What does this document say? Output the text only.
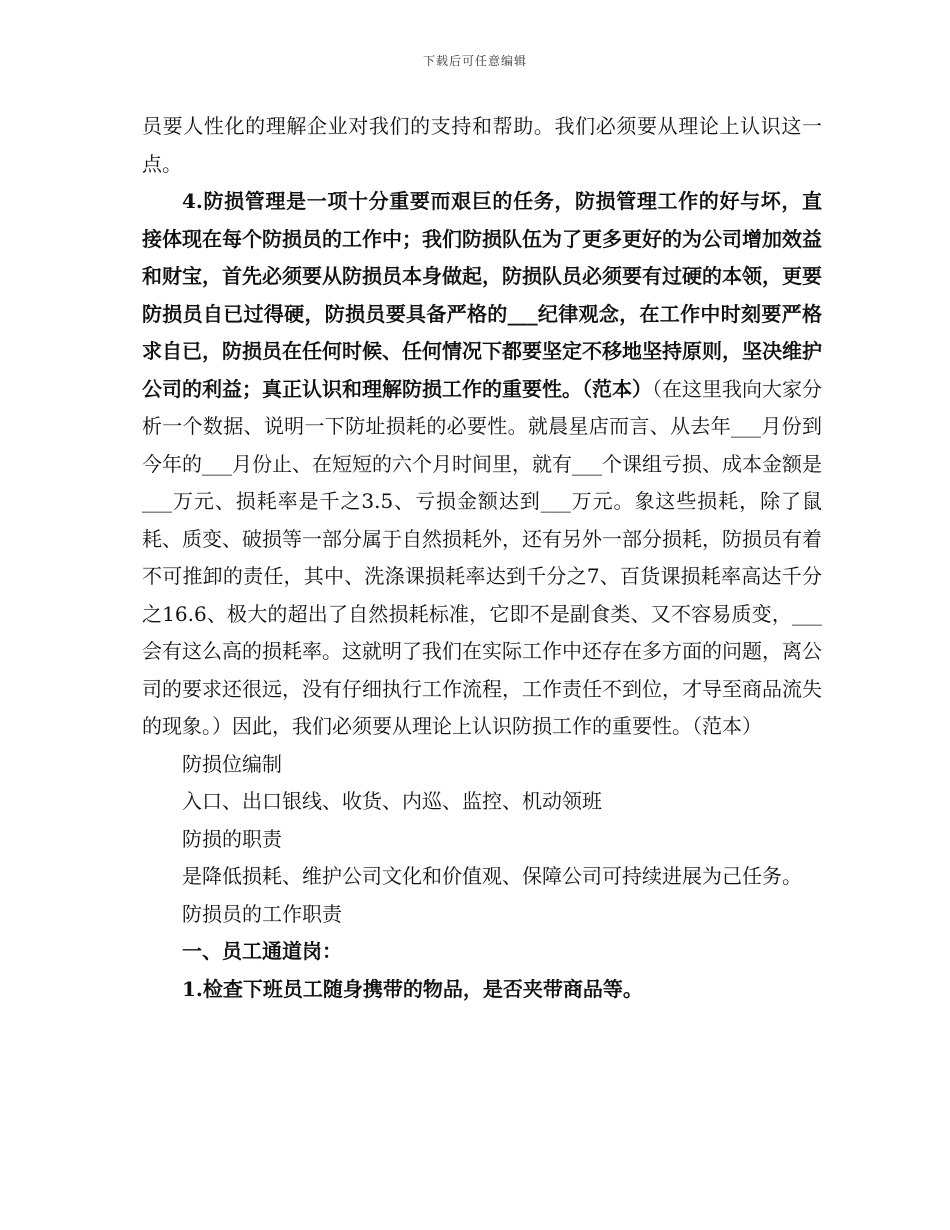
下载后可任意编辑

员要人性化的理解企业对我们的支持和帮助。我们必须要从理论上认识这一点。

4.防损管理是一项十分重要而艰巨的任务，防损管理工作的好与坏，直接体现在每个防损员的工作中；我们防损队伍为了更多更好的为公司增加效益和财宝，首先必须要从防损员本身做起，防损队员必须要有过硬的本领，更要防损员自已过得硬，防损员要具备严格的___纪律观念，在工作中时刻要严格求自已，防损员在任何时候、任何情况下都要坚定不移地坚持原则，坚决维护公司的利益；真正认识和理解防损工作的重要性。（范本）（在这里我向大家分析一个数据、说明一下防址损耗的必要性。就晨星店而言、从去年___月份到今年的___月份止、在短短的六个月时间里，就有___个课组亏损、成本金额是___万元、损耗率是千之3.5、亏损金额达到___万元。象这些损耗，除了鼠耗、质变、破损等一部分属于自然损耗外，还有另外一部分损耗，防损员有着不可推卸的责任，其中、洗涤课损耗率达到千分之7、百货课损耗率高达千分之16.6、极大的超出了自然损耗标准，它即不是副食类、又不容易质变，___会有这么高的损耗率。这就明了我们在实际工作中还存在多方面的问题，离公司的要求还很远，没有仔细执行工作流程，工作责任不到位，才导至商品流失的现象。）因此，我们必须要从理论上认识防损工作的重要性。（范本）

防损位编制

入口、出口银线、收货、内巡、监控、机动领班

防损的职责

是降低损耗、维护公司文化和价值观、保障公司可持续进展为己任务。

防损员的工作职责

一、员工通道岗：

1.检查下班员工随身携带的物品，是否夹带商品等。
